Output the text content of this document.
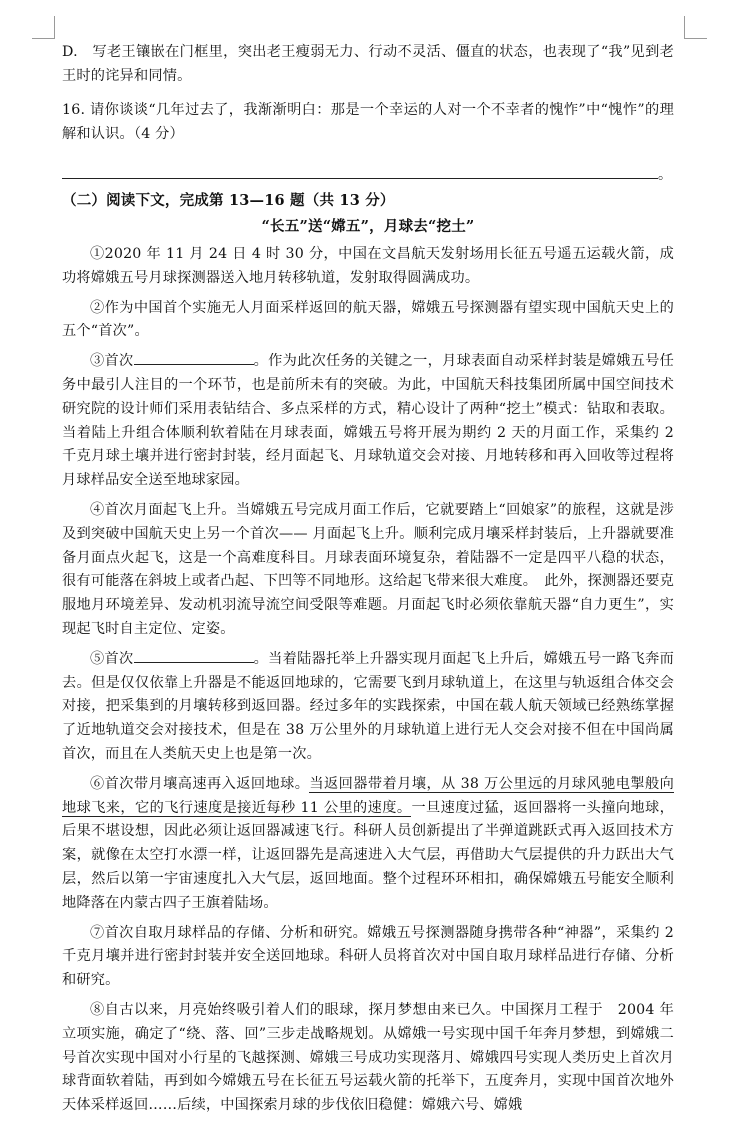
D.　写老王镶嵌在门框里，突出老王瘦弱无力、行动不灵活、僵直的状态，也表现了“我”见到老王时的诧异和同情。

16. 请你谈谈“几年过去了，我渐渐明白：那是一个幸运的人对一个不幸者的愧怍”中“愧怍”的理解和认识。（4 分）

。

（二）阅读下文，完成第 13—16 题（共 13 分）

“长五”送“嫦五”，月球去“挖土”

①2020 年 11 月 24 日 4 时 30 分，中国在文昌航天发射场用长征五号遥五运载火箭，成功将嫦娥五号月球探测器送入地月转移轨道，发射取得圆满成功。

②作为中国首个实施无人月面采样返回的航天器，嫦娥五号探测器有望实现中国航天史上的五个“首次”。

③首次	。作为此次任务的关键之一，月球表面自动采样封装是嫦娥五号任务中最引人注目的一个环节，也是前所未有的突破。为此，中国航天科技集团所属中国空间技术研究院的设计师们采用表钻结合、多点采样的方式，精心设计了两种“挖土”模式：钻取和表取。当着陆上升组合体顺利软着陆在月球表面，嫦娥五号将开展为期约 2 天的月面工作，采集约 2 千克月球土壤并进行密封封装，经月面起飞、月球轨道交会对接、月地转移和再入回收等过程将月球样品安全送至地球家园。

④首次月面起飞上升。当嫦娥五号完成月面工作后，它就要踏上“回娘家”的旅程，这就是涉及到突破中国航天史上另一个首次—— 月面起飞上升。顺利完成月壤采样封装后，上升器就要准备月面点火起飞，这是一个高难度科目。月球表面环境复杂，着陆器不一定是四平八稳的状态，很有可能落在斜坡上或者凸起、下凹等不同地形。这给起飞带来很大难度。　此外，探测器还要克服地月环境差异、发动机羽流导流空间受限等难题。月面起飞时必须依靠航天器“自力更生”，实现起飞时自主定位、定姿。

⑤首次	。当着陆器托举上升器实现月面起飞上升后，嫦娥五号一路飞奔而去。但是仅仅依靠上升器是不能返回地球的，它需要飞到月球轨道上，在这里与轨返组合体交会对接，把采集到的月壤转移到返回器。经过多年的实践探索，中国在载人航天领域已经熟练掌握了近地轨道交会对接技术，但是在 38 万公里外的月球轨道上进行无人交会对接不但在中国尚属首次，而且在人类航天史上也是第一次。

⑥首次带月壤高速再入返回地球。当返回器带着月壤，从 38 万公里远的月球风驰电掣般向地球飞来，它的飞行速度是接近每秒 11 公里的速度。一旦速度过猛，返回器将一头撞向地球，后果不堪设想，因此必须让返回器减速飞行。科研人员创新提出了半弹道跳跃式再入返回技术方案，就像在太空打水漂一样，让返回器先是高速进入大气层，再借助大气层提供的升力跃出大气层，然后以第一宇宙速度扎入大气层，返回地面。整个过程环环相扣，确保嫦娥五号能安全顺利地降落在内蒙古四子王旗着陆场。

⑦首次自取月球样品的存储、分析和研究。嫦娥五号探测器随身携带各种“神器”，采集约 2 千克月壤并进行密封封装并安全送回地球。科研人员将首次对中国自取月球样品进行存储、分析和研究。

⑧自古以来，月亮始终吸引着人们的眼球，探月梦想由来已久。中国探月工程于　2004 年立项实施，确定了“绕、落、回”三步走战略规划。从嫦娥一号实现中国千年奔月梦想，到嫦娥二号首次实现中国对小行星的飞越探测、嫦娥三号成功实现落月、嫦娥四号实现人类历史上首次月球背面软着陆，再到如今嫦娥五号在长征五号运载火箭的托举下，五度奔月，实现中国首次地外天体采样返回……后续，中国探索月球的步伐依旧稳健：嫦娥六号、嫦娥
